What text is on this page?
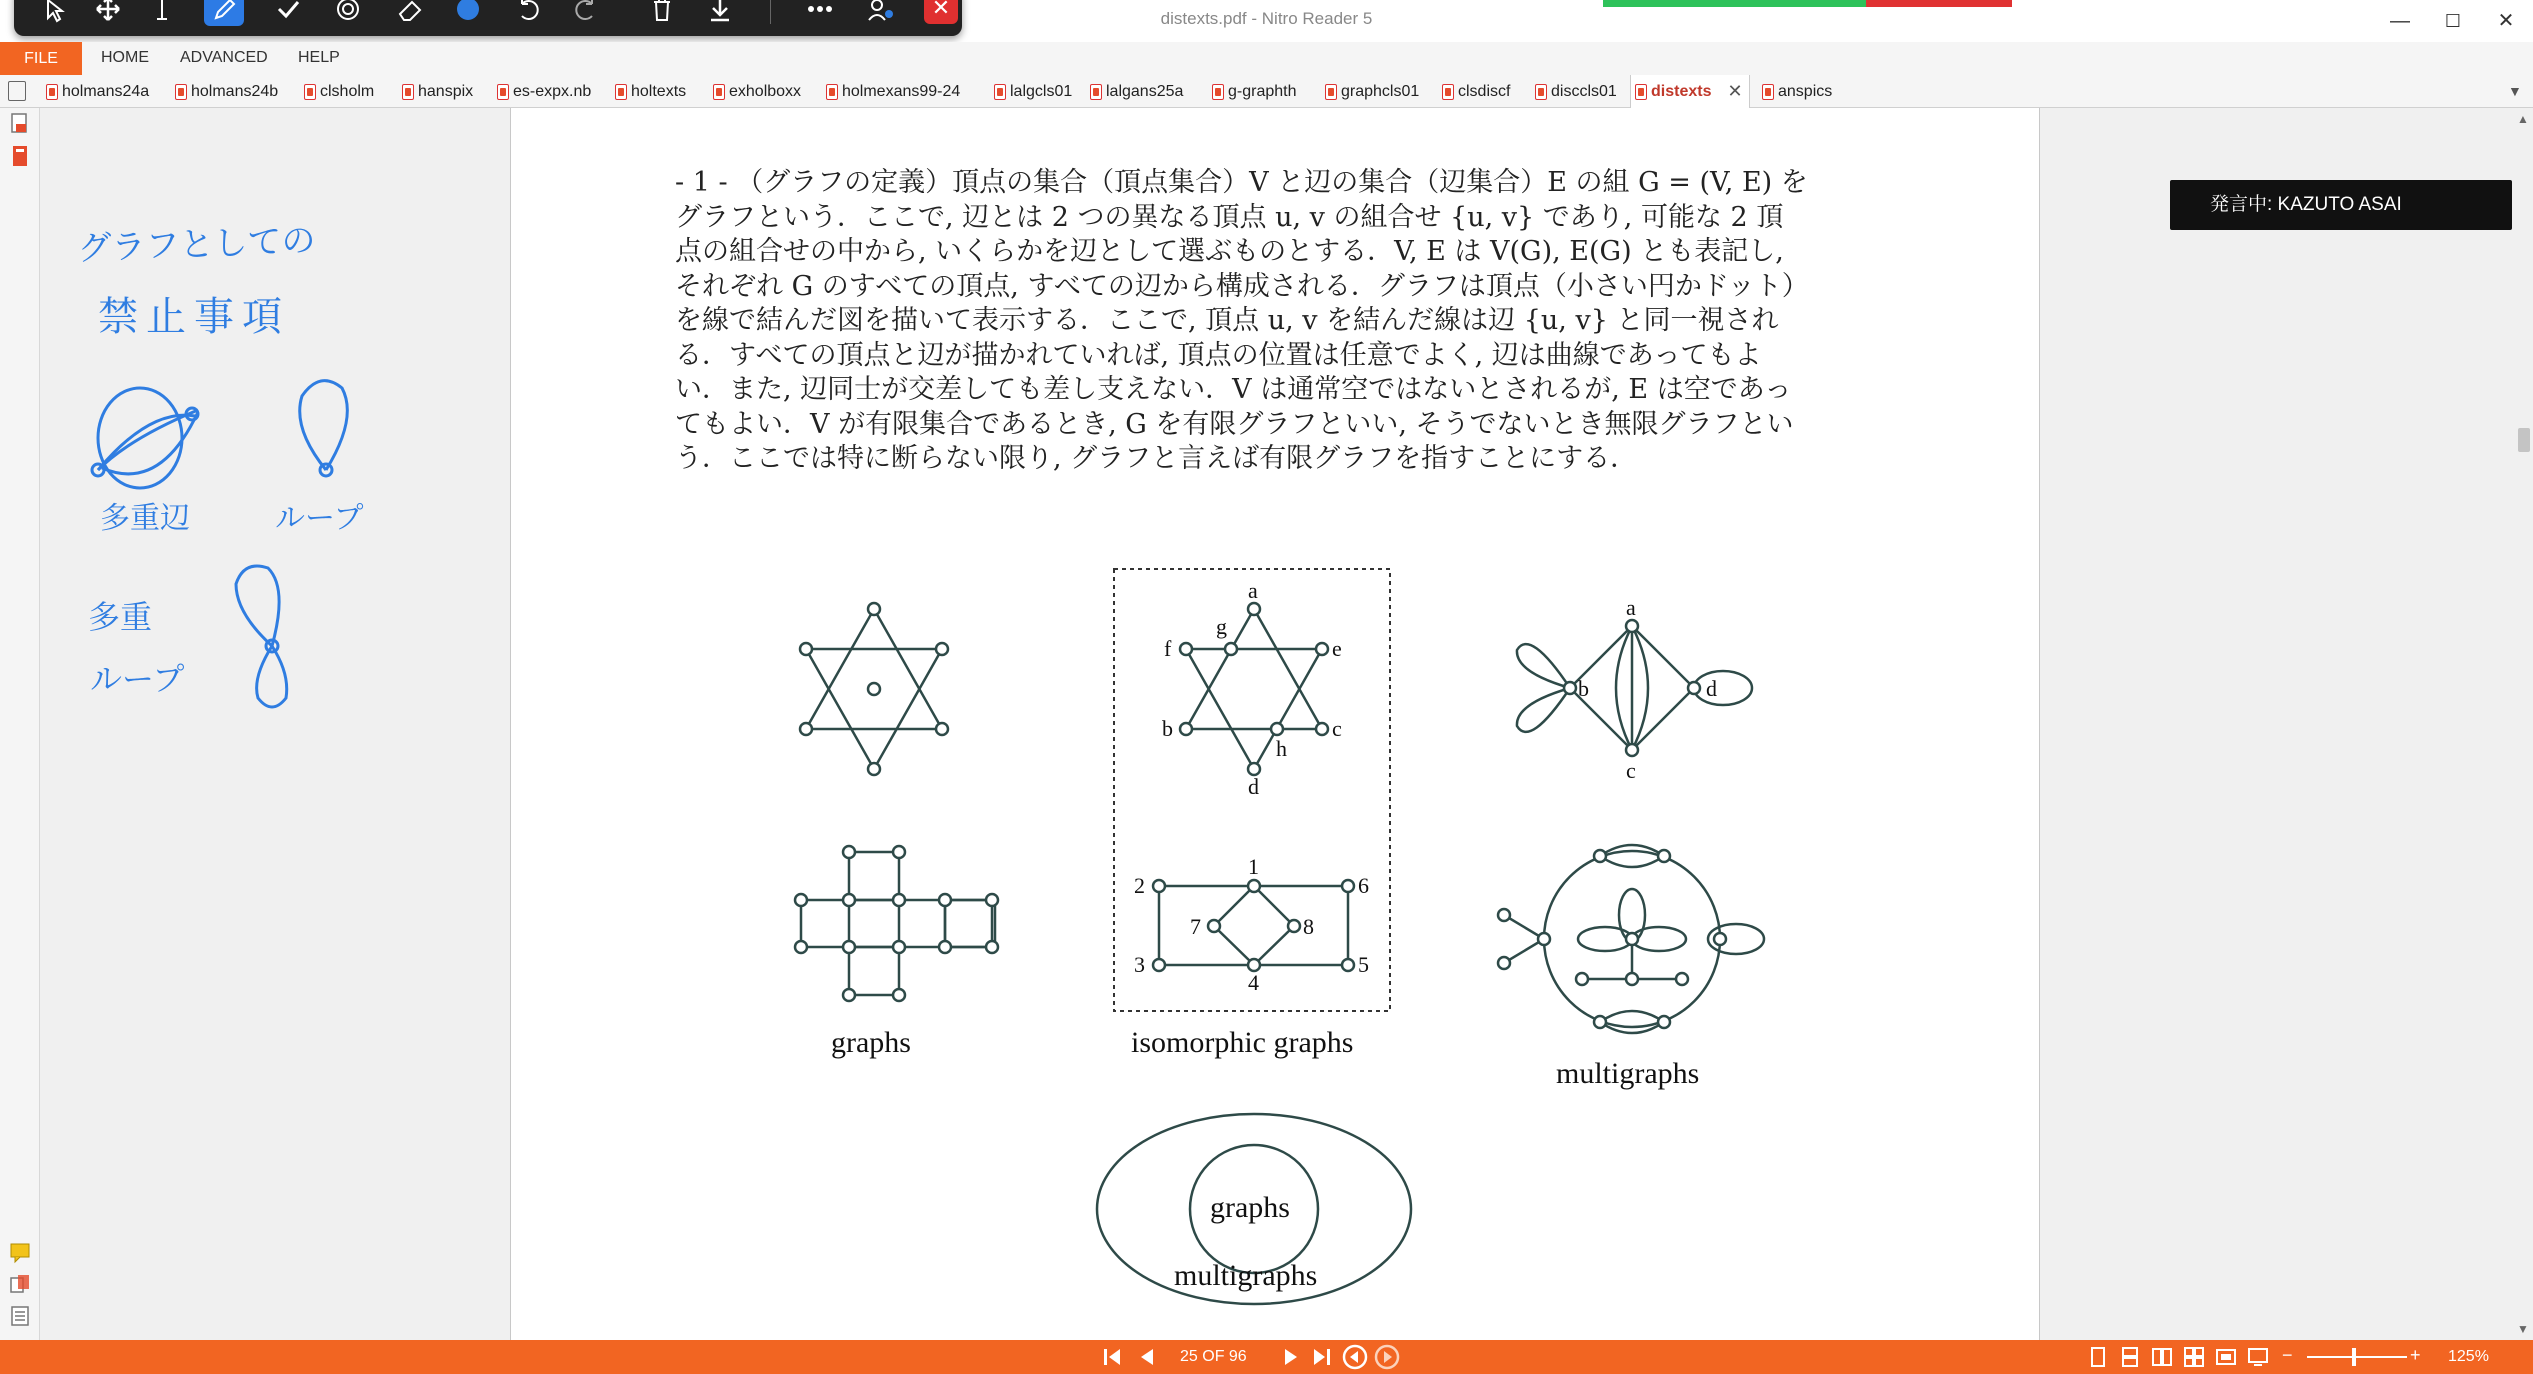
distexts.pdf - Nitro Reader 5	—	☐	✕
✕
FILE	HOME ADVANCED HELP
holmans24a	holmans24b	clsholm	hanspix es-expx.nb holtexts	exholboxx	holmexans99-24	lalgcls01 lalgans25a	g-graphth	graphcls01 clsdiscf	disccls01 distexts ✕ anspics	▼
グラフとしての
禁止事項
多重辺	ループ
多重
ループ
- 1 - （グラフの定義）頂点の集合（頂点集合）V と辺の集合（辺集合）E の組 G = (V, E) をグラフという．ここで, 辺とは 2 つの異なる頂点 u, v の組合せ {u, v} であり, 可能な 2 頂点の組合せの中から, いくらかを辺として選ぶものとする．V, E は V(G), E(G) とも表記し, それぞれ G のすべての頂点, すべての辺から構成される．グラフは頂点（小さい円かドット）を線で結んだ図を描いて表示する．ここで, 頂点 u, v を結んだ線は辺 {u, v} と同一視される．すべての頂点と辺が描かれていれば, 頂点の位置は任意でよく, 辺は曲線であってもよい．また, 辺同士が交差しても差し支えない．V は通常空ではないとされるが, E は空であってもよい．V が有限集合であるとき, G を有限グラフといい, そうでないとき無限グラフという．ここでは特に断らない限り, グラフと言えば有限グラフを指すことにする．
a
b	c
d
e
f
g
h
a
b
c
d
1
2
3
4
5
6
7	8
graphs	isomorphic graphs
multigraphs
graphs
multigraphs
発言中: KAZUTO ASAI
▲
▼
25 OF 96	−	+ 125%
